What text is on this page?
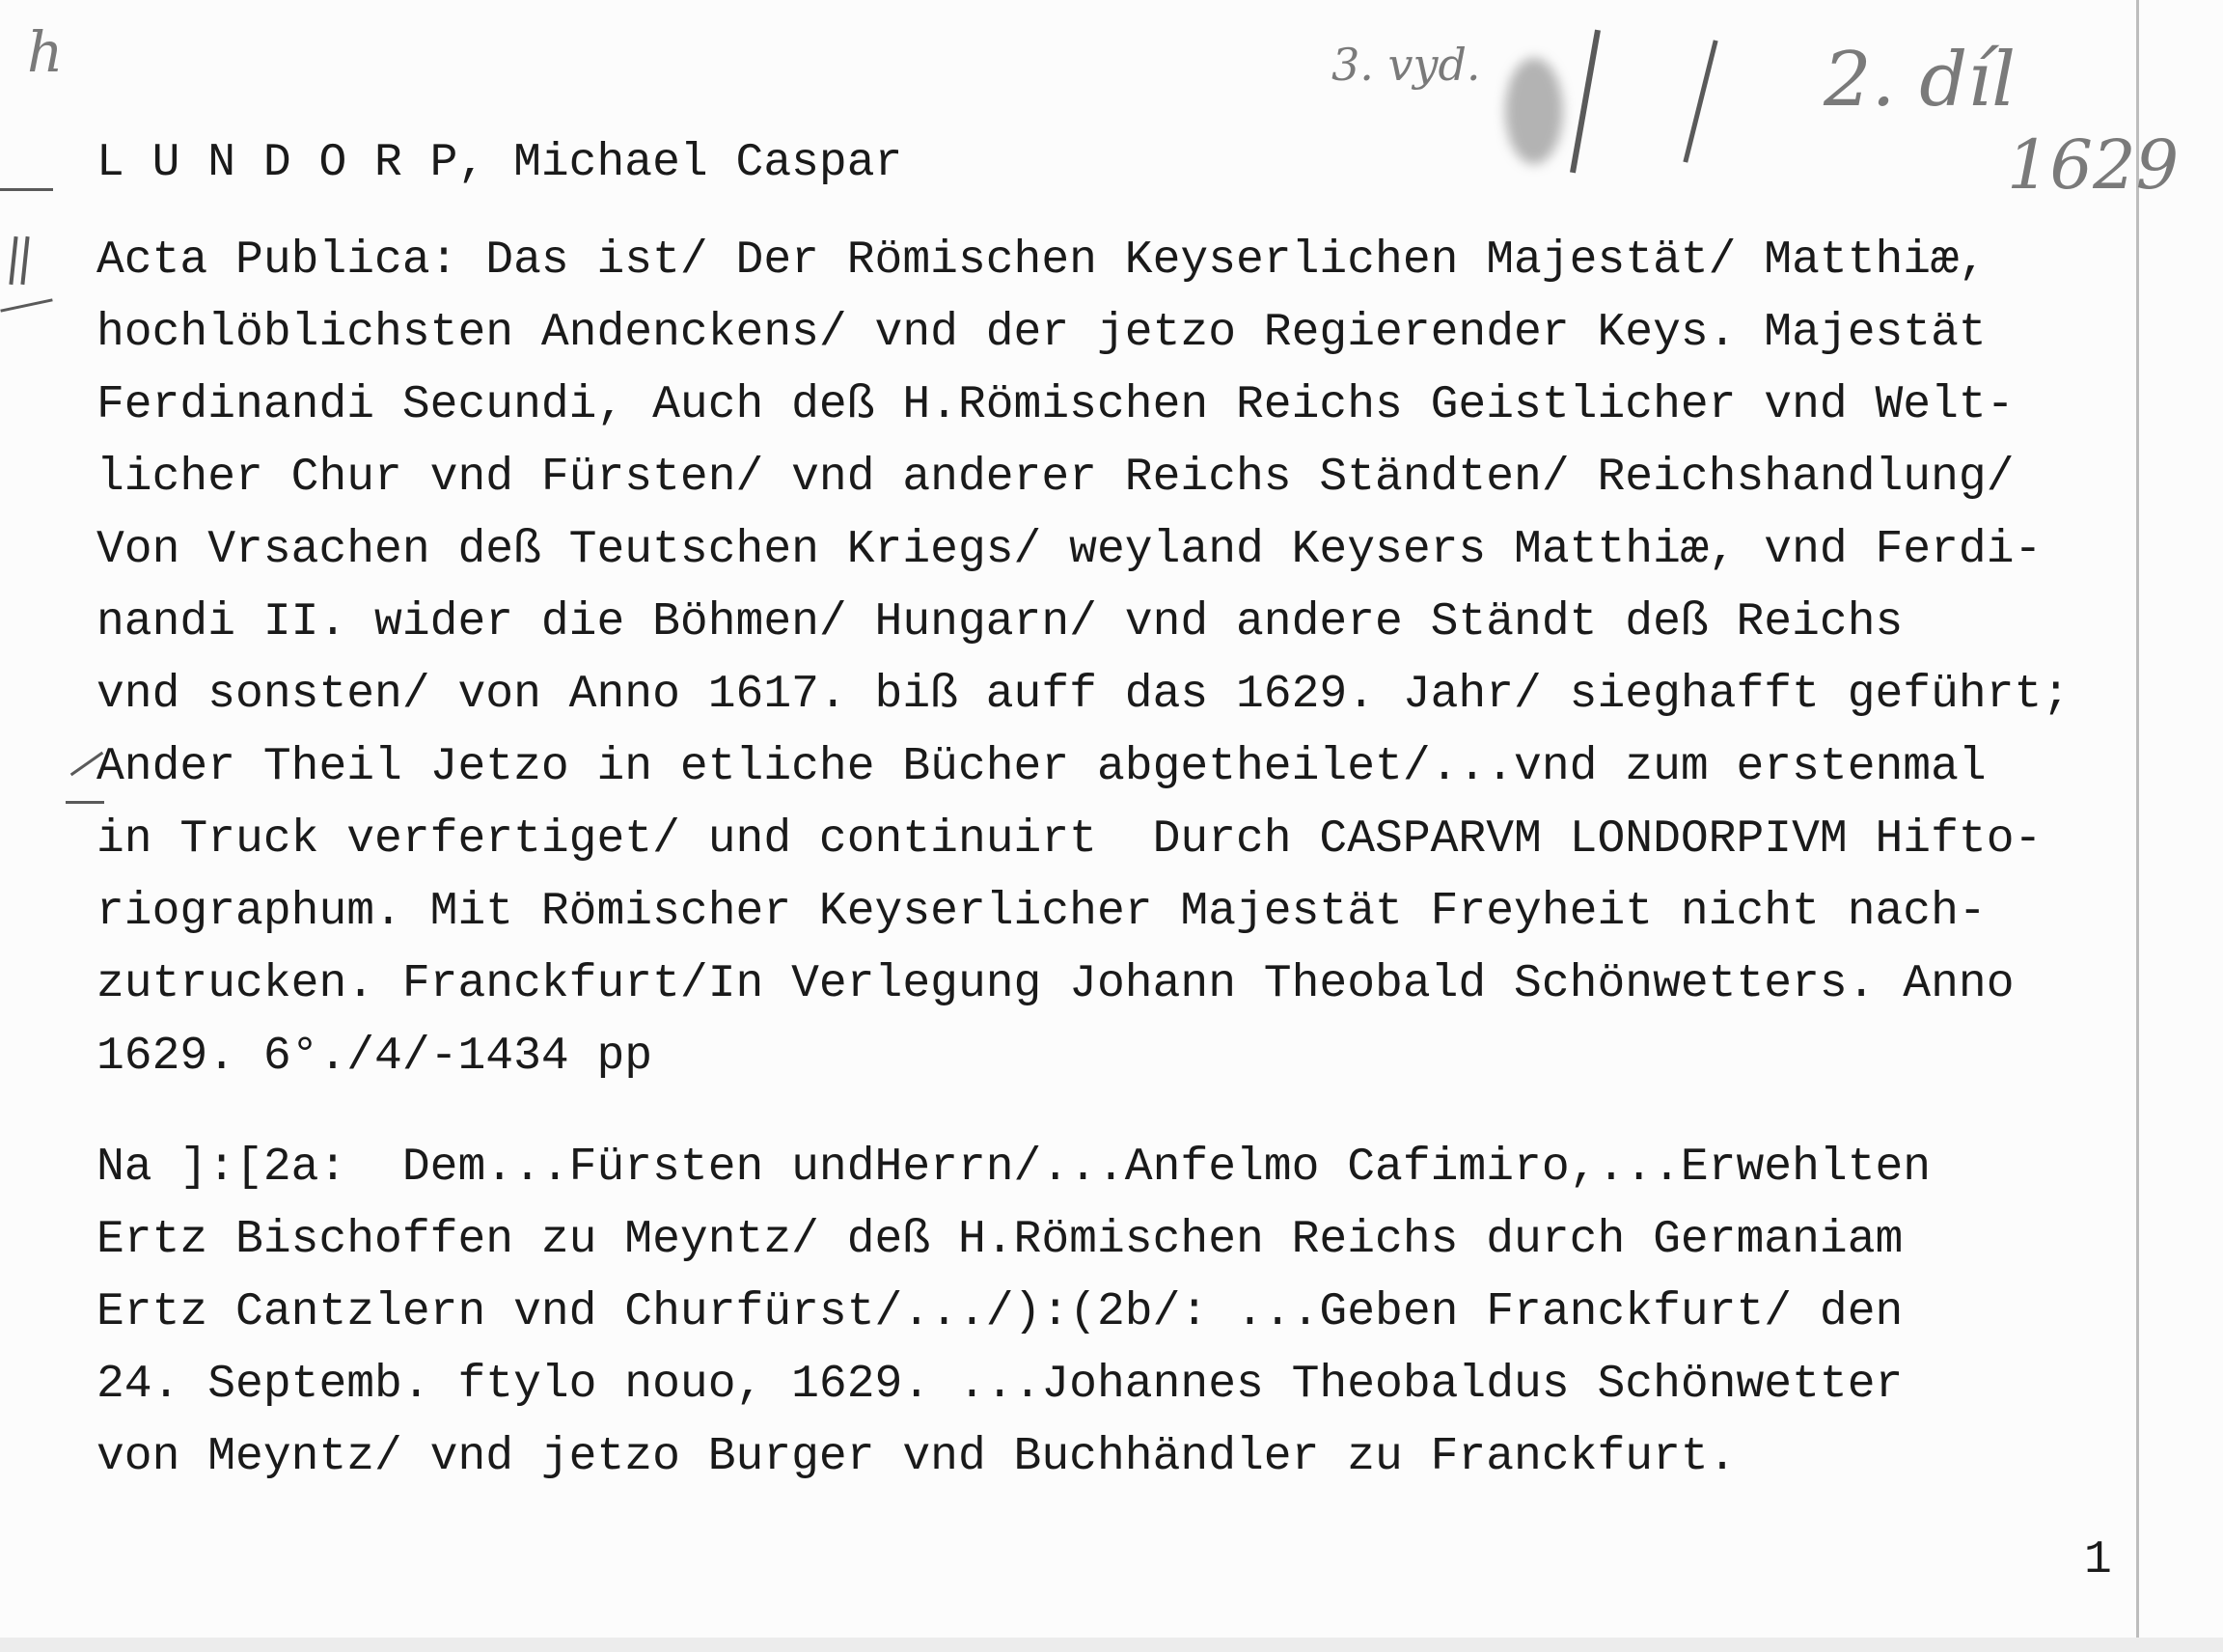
h	3. vyd.	2. díl
1629
L U N D O R P, Michael Caspar
Acta Publica: Das ist/ Der Römischen Keyserlichen Majestät/ Matthiæ,
hochlöblichsten Andenckens/ vnd der jetzo Regierender Keys. Majestät
Ferdinandi Secundi, Auch deß H.Römischen Reichs Geistlicher vnd Welt-
licher Chur vnd Fürsten/ vnd anderer Reichs Ständten/ Reichshandlung/
Von Vrsachen deß Teutschen Kriegs/ weyland Keysers Matthiæ, vnd Ferdi-
nandi II. wider die Böhmen/ Hungarn/ vnd andere Ständt deß Reichs
vnd sonsten/ von Anno 1617. biß auff das 1629. Jahr/ sieghafft geführt;
Ander Theil Jetzo in etliche Bücher abgetheilet/...vnd zum erstenmal
in Truck verfertiget/ und continuirt  Durch CASPARVM LONDORPIVM Hifto-
riographum. Mit Römischer Keyserlicher Majestät Freyheit nicht nach-
zutrucken. Franckfurt/In Verlegung Johann Theobald Schönwetters. Anno
1629. 6°./4/-1434 pp
Na ]:[2a:  Dem...Fürsten undHerrn/...Anfelmo Cafimiro,...Erwehlten
Ertz Bischoffen zu Meyntz/ deß H.Römischen Reichs durch Germaniam
Ertz Cantzlern vnd Churfürst/.../):(2b/: ...Geben Franckfurt/ den
24. Septemb. ftylo nouo, 1629. ...Johannes Theobaldus Schönwetter
von Meyntz/ vnd jetzo Burger vnd Buchhändler zu Franckfurt.
1
